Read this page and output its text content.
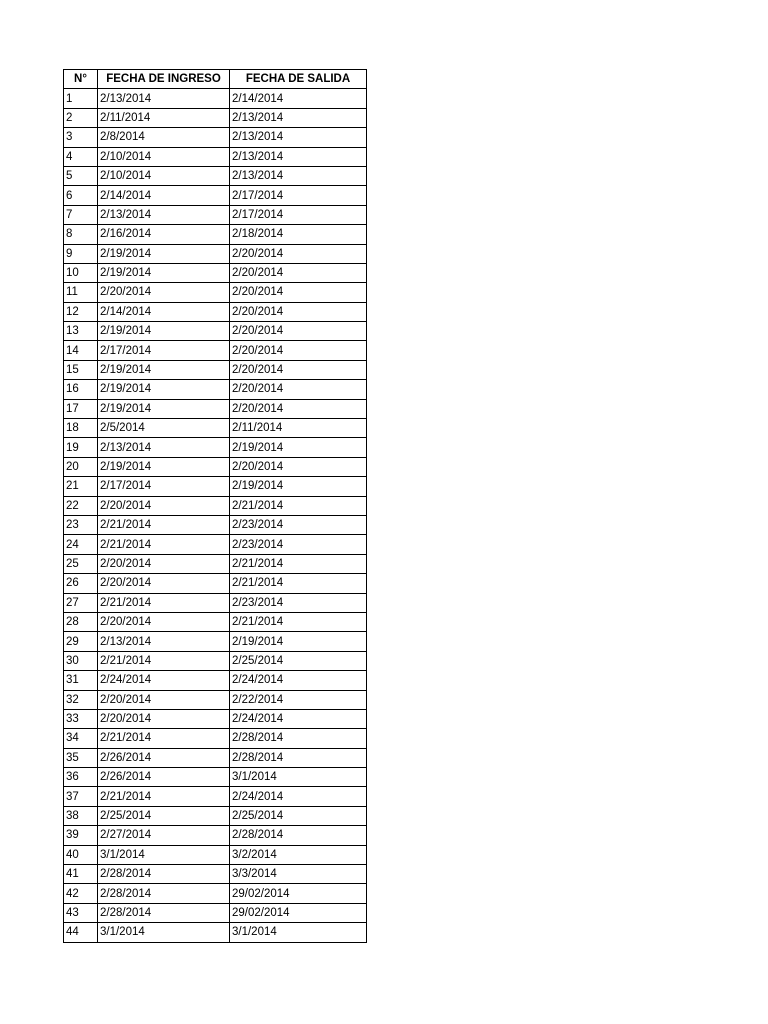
N°	FECHA DE INGRESO	FECHA DE SALIDA
1	2/13/2014	2/14/2014
2	2/11/2014	2/13/2014
3	2/8/2014	2/13/2014
4	2/10/2014	2/13/2014
5	2/10/2014	2/13/2014
6	2/14/2014	2/17/2014
7	2/13/2014	2/17/2014
8	2/16/2014	2/18/2014
9	2/19/2014	2/20/2014
10	2/19/2014	2/20/2014
11	2/20/2014	2/20/2014
12	2/14/2014	2/20/2014
13	2/19/2014	2/20/2014
14	2/17/2014	2/20/2014
15	2/19/2014	2/20/2014
16	2/19/2014	2/20/2014
17	2/19/2014	2/20/2014
18	2/5/2014	2/11/2014
19	2/13/2014	2/19/2014
20	2/19/2014	2/20/2014
21	2/17/2014	2/19/2014
22	2/20/2014	2/21/2014
23	2/21/2014	2/23/2014
24	2/21/2014	2/23/2014
25	2/20/2014	2/21/2014
26	2/20/2014	2/21/2014
27	2/21/2014	2/23/2014
28	2/20/2014	2/21/2014
29	2/13/2014	2/19/2014
30	2/21/2014	2/25/2014
31	2/24/2014	2/24/2014
32	2/20/2014	2/22/2014
33	2/20/2014	2/24/2014
34	2/21/2014	2/28/2014
35	2/26/2014	2/28/2014
36	2/26/2014	3/1/2014
37	2/21/2014	2/24/2014
38	2/25/2014	2/25/2014
39	2/27/2014	2/28/2014
40	3/1/2014	3/2/2014
41	2/28/2014	3/3/2014
42	2/28/2014	29/02/2014
43	2/28/2014	29/02/2014
44	3/1/2014	3/1/2014
